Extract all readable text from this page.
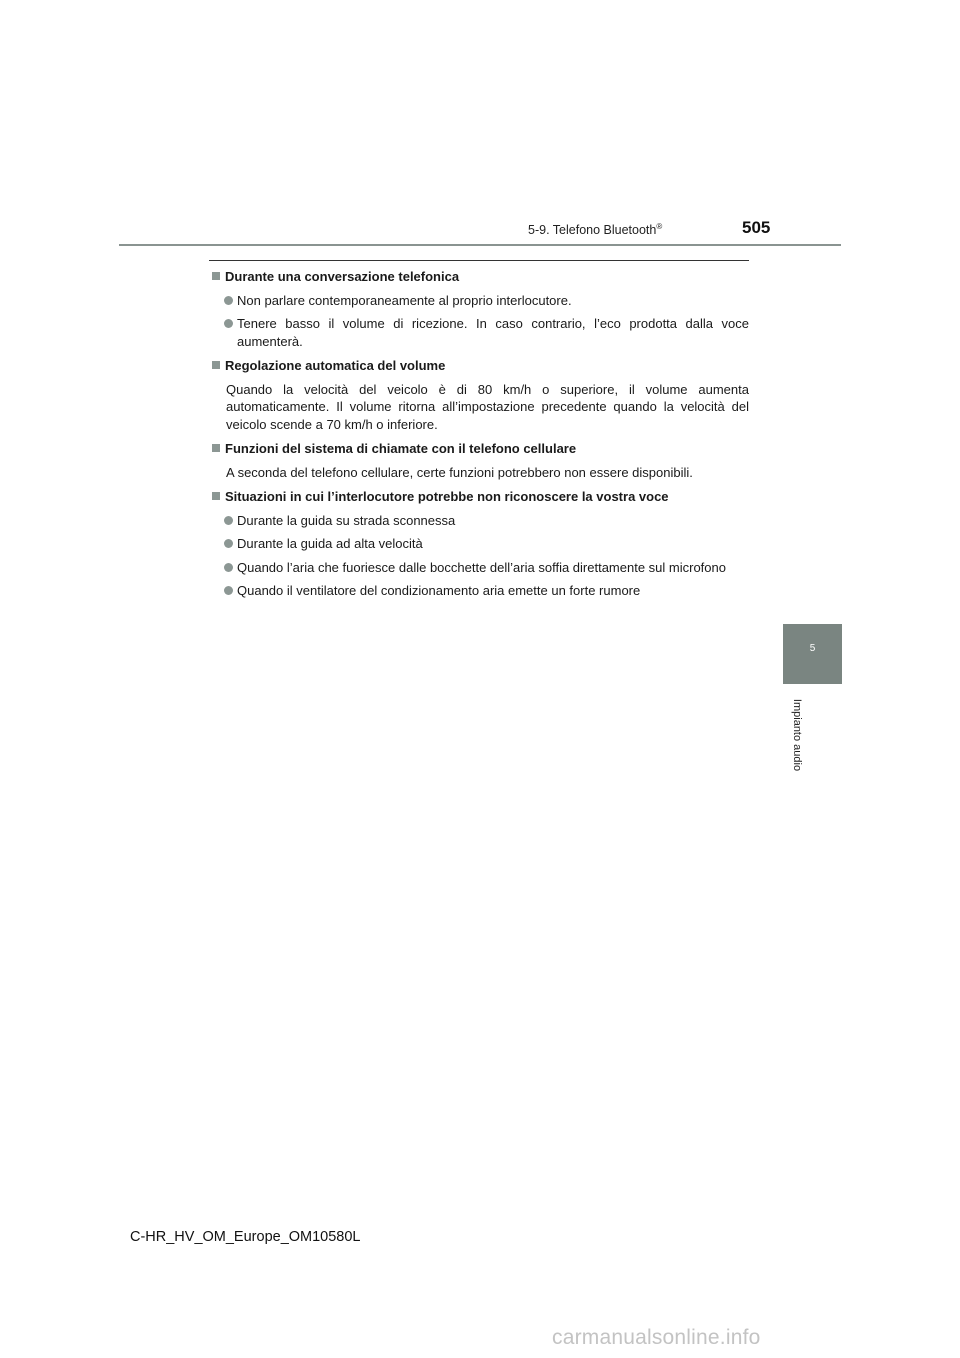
5-9. Telefono Bluetooth®	505

Durante una conversazione telefonica

Non parlare contemporaneamente al proprio interlocutore.

Tenere basso il volume di ricezione. In caso contrario, l’eco prodotta dalla voce aumenterà.

Regolazione automatica del volume

Quando la velocità del veicolo è di 80 km/h o superiore, il volume aumenta automaticamente. Il volume ritorna all’impostazione precedente quando la velocità del veicolo scende a 70 km/h o inferiore.

Funzioni del sistema di chiamate con il telefono cellulare

A seconda del telefono cellulare, certe funzioni potrebbero non essere disponibili.

Situazioni in cui l’interlocutore potrebbe non riconoscere la vostra voce

Durante la guida su strada sconnessa

Durante la guida ad alta velocità

Quando l’aria che fuoriesce dalle bocchette dell’aria soffia direttamente sul microfono

Quando il ventilatore del condizionamento aria emette un forte rumore

5
Impianto audio
C-HR_HV_OM_Europe_OM10580L
carmanualsonline.info
